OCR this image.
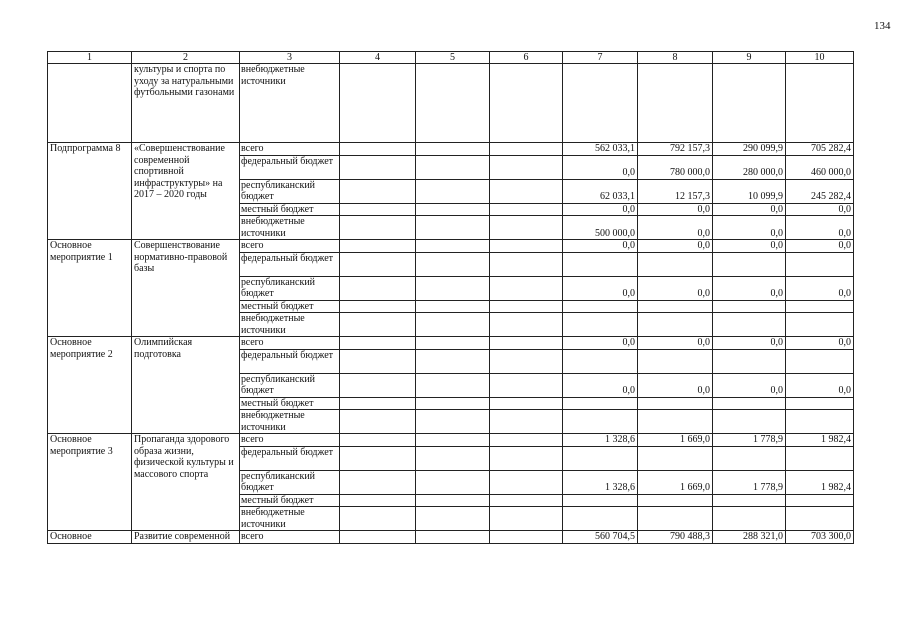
134
1	2	3	4	5	6	7	8	9	10
	культуры и спорта по уходу за натуральными футбольными газонами	внебюджетные источники							
Подпрограмма 8	«Совершенствование современной спортивной инфраструктуры» на 2017 – 2020 годы	всего				562 033,1	792 157,3	290 099,9	705 282,4
		федеральный бюджет				0,0	780 000,0	280 000,0	460 000,0
		республиканский бюджет				62 033,1	12 157,3	10 099,9	245 282,4
		местный бюджет				0,0	0,0	0,0	0,0
		внебюджетные источники				500 000,0	0,0	0,0	0,0
Основное мероприятие 1	Совершенствование нормативно-правовой базы	всего				0,0	0,0	0,0	0,0
		федеральный бюджет							
		республиканский бюджет				0,0	0,0	0,0	0,0
		местный бюджет							
		внебюджетные источники							
Основное мероприятие 2	Олимпийская подготовка	всего				0,0	0,0	0,0	0,0
		федеральный бюджет							
		республиканский бюджет				0,0	0,0	0,0	0,0
		местный бюджет							
		внебюджетные источники							
Основное мероприятие 3	Пропаганда здорового образа жизни, физической культуры и массового спорта	всего				1 328,6	1 669,0	1 778,9	1 982,4
		федеральный бюджет							
		республиканский бюджет				1 328,6	1 669,0	1 778,9	1 982,4
		местный бюджет							
		внебюджетные источники							
Основное	Развитие современной	всего				560 704,5	790 488,3	288 321,0	703 300,0
